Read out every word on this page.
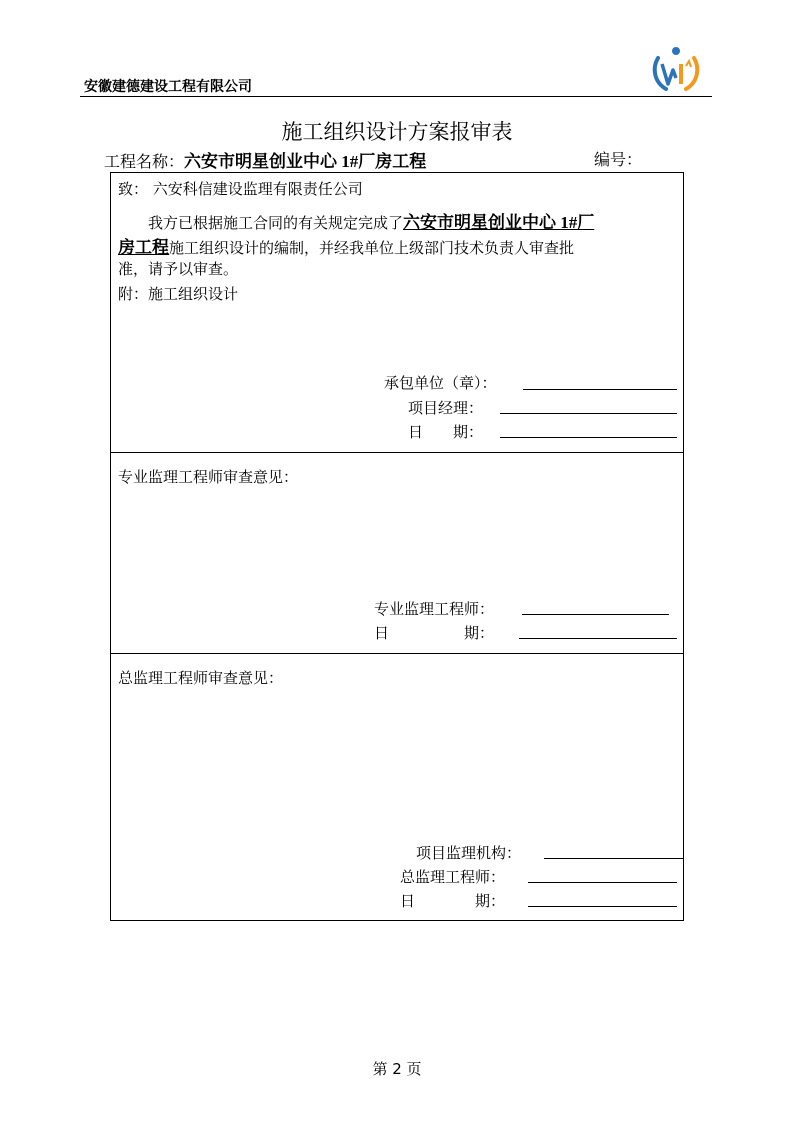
安徽建德建设工程有限公司
施工组织设计方案报审表
工程名称：六安市明星创业中心 1#厂房工程	编号：
致： 六安科信建设监理有限责任公司
我方已根据施工合同的有关规定完成了六安市明星创业中心 1#厂
房工程施工组织设计的编制，并经我单位上级部门技术负责人审查批
准，请予以审查。
附：施工组织设计
承包单位（章）：
项目经理：
日　　期：
专业监理工程师审查意见：
专业监理工程师：
日　　　　　期：
总监理工程师审查意见：
项目监理机构：
总监理工程师：
日　　　　期：
第 2 页
